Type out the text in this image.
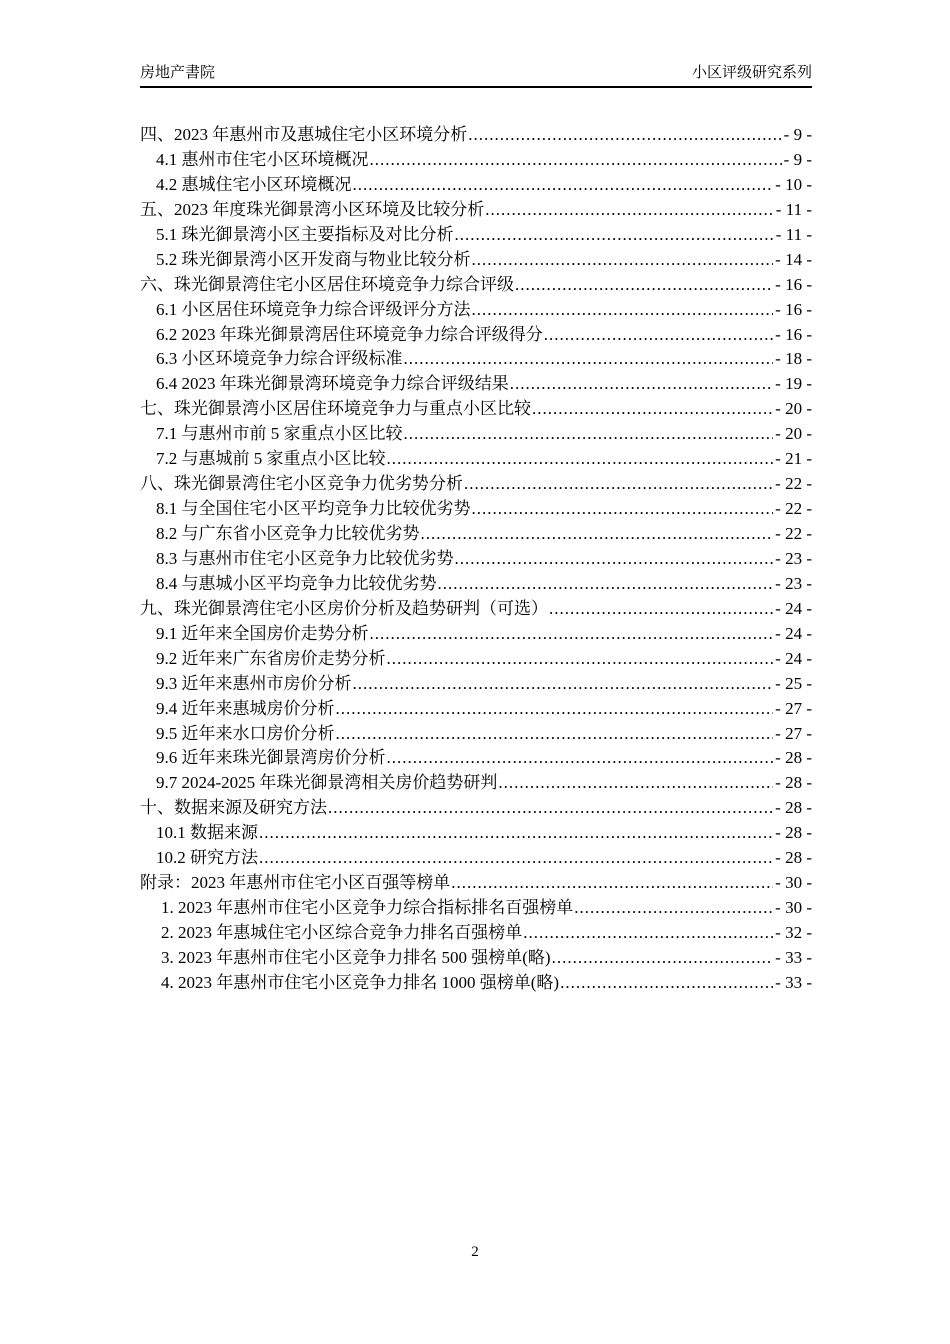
房地产書院	小区评级研究系列
四、2023 年惠州市及惠城住宅小区环境分析 .....	- 9 -
4.1 惠州市住宅小区环境概况 .....	- 9 -
4.2 惠城住宅小区环境概况 .....	- 10 -
五、2023 年度珠光御景湾小区环境及比较分析 .....	- 11 -
5.1 珠光御景湾小区主要指标及对比分析 .....	- 11 -
5.2 珠光御景湾小区开发商与物业比较分析 .....	- 14 -
六、珠光御景湾住宅小区居住环境竞争力综合评级 .....	- 16 -
6.1 小区居住环境竞争力综合评级评分方法 .....	- 16 -
6.2 2023 年珠光御景湾居住环境竞争力综合评级得分 .....	- 16 -
6.3 小区环境竞争力综合评级标准 .....	- 18 -
6.4 2023 年珠光御景湾环境竞争力综合评级结果 .....	- 19 -
七、珠光御景湾小区居住环境竞争力与重点小区比较 .....	- 20 -
7.1 与惠州市前 5 家重点小区比较 .....	- 20 -
7.2 与惠城前 5 家重点小区比较 .....	- 21 -
八、珠光御景湾住宅小区竞争力优劣势分析 .....	- 22 -
8.1 与全国住宅小区平均竞争力比较优劣势 .....	- 22 -
8.2 与广东省小区竞争力比较优劣势 .....	- 22 -
8.3 与惠州市住宅小区竞争力比较优劣势 .....	- 23 -
8.4 与惠城小区平均竞争力比较优劣势 .....	- 23 -
九、珠光御景湾住宅小区房价分析及趋势研判（可选） .....	- 24 -
9.1 近年来全国房价走势分析 .....	- 24 -
9.2 近年来广东省房价走势分析 .....	- 24 -
9.3 近年来惠州市房价分析 .....	- 25 -
9.4 近年来惠城房价分析 .....	- 27 -
9.5 近年来水口房价分析 .....	- 27 -
9.6 近年来珠光御景湾房价分析 .....	- 28 -
9.7 2024-2025 年珠光御景湾相关房价趋势研判 .....	- 28 -
十、数据来源及研究方法 .....	- 28 -
10.1 数据来源 .....	- 28 -
10.2 研究方法 .....	- 28 -
附录：2023 年惠州市住宅小区百强等榜单 .....	- 30 -
1. 2023 年惠州市住宅小区竞争力综合指标排名百强榜单 .....	- 30 -
2. 2023 年惠城住宅小区综合竞争力排名百强榜单 .....	- 32 -
3. 2023 年惠州市住宅小区竞争力排名 500 强榜单(略) .....	- 33 -
4. 2023 年惠州市住宅小区竞争力排名 1000 强榜单(略) .....	- 33 -
2
